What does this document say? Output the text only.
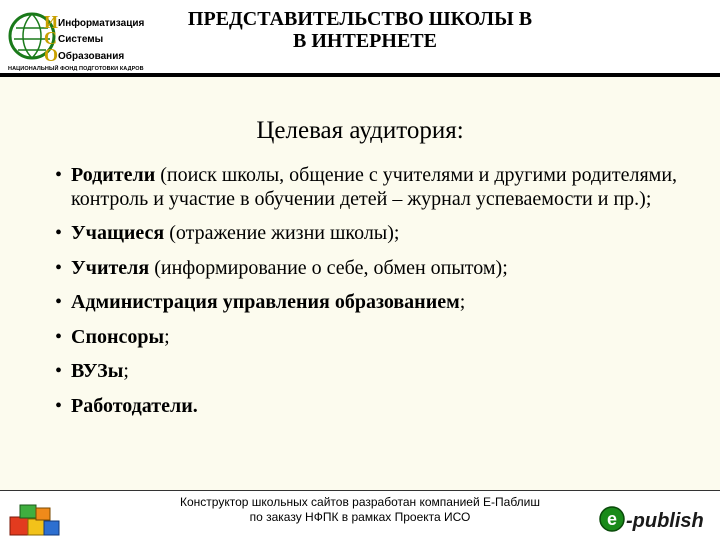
И Информатизация
С Системы
О Образования
НАЦИОНАЛЬНЫЙ ФОНД ПОДГОТОВКИ КАДРОВ
ПРЕДСТАВИТЕЛЬСТВО ШКОЛЫ В
В ИНТЕРНЕТЕ
Целевая аудитория:
• Родители (поиск школы, общение с учителями и другими родителями, контроль и участие в обучении детей – журнал успеваемости и пр.);
• Учащиеся (отражение жизни школы);
• Учителя (информирование о себе, обмен опытом);
• Администрация управления образованием;
• Спонсоры;
• ВУЗы;
• Работодатели.
Конструктор школьных сайтов разработан компанией Е-Паблиш
по заказу НФПК в рамках Проекта ИСО	e -publish
